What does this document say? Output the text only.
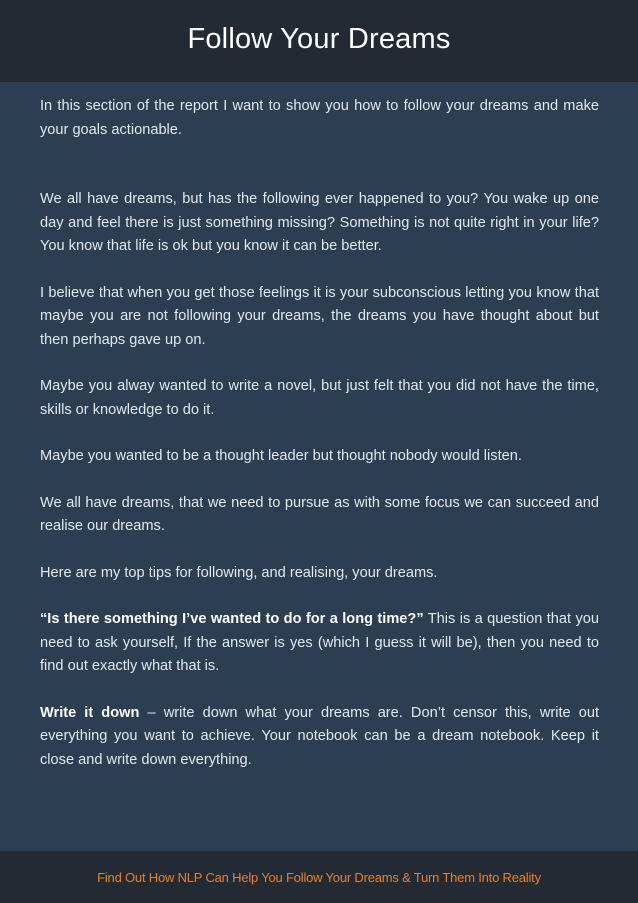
Follow Your Dreams

In this section of the report I want to show you how to follow your dreams and make your goals actionable.

We all have dreams, but has the following ever happened to you? You wake up one day and feel there is just something missing? Something is not quite right in your life? You know that life is ok but you know it can be better.

I believe that when you get those feelings it is your subconscious letting you know that maybe you are not following your dreams, the dreams you have thought about but then perhaps gave up on.

Maybe you alway wanted to write a novel, but just felt that you did not have the time, skills or knowledge to do it.

Maybe you wanted to be a thought leader but thought nobody would listen.

We all have dreams, that we need to pursue as with some focus we can succeed and realise our dreams.

Here are my top tips for following, and realising, your dreams.

“Is there something I’ve wanted to do for a long time?” This is a question that you need to ask yourself, If the answer is yes (which I guess it will be), then you need to find out exactly what that is.

Write it down – write down what your dreams are. Don’t censor this, write out everything you want to achieve. Your notebook can be a dream notebook. Keep it close and write down everything.

Find Out How NLP Can Help You Follow Your Dreams & Turn Them Into Reality
